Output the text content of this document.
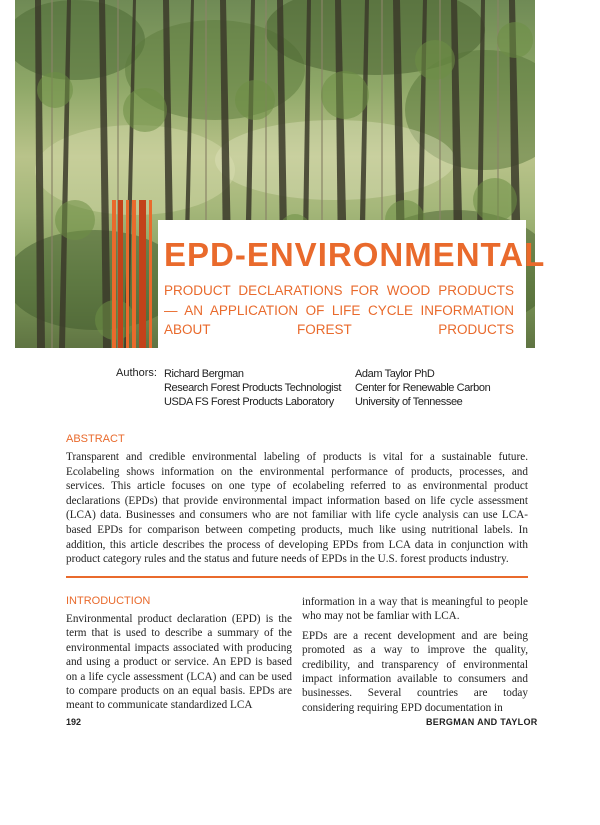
EPD-ENVIRONMENTAL
PRODUCT DECLARATIONS FOR WOOD PRODUCTS — AN APPLICATION OF LIFE CYCLE INFORMATION ABOUT FOREST PRODUCTS
Authors: Richard Bergman
Research Forest Products Technologist
USDA FS Forest Products Laboratory
Adam Taylor PhD
Center for Renewable Carbon
University of Tennessee
ABSTRACT
Transparent and credible environmental labeling of products is vital for a sustainable future. Ecolabeling shows information on the environmental performance of products, processes, and services. This article focuses on one type of ecolabeling referred to as environmental product declarations (EPDs) that provide environmental impact information based on life cycle assessment (LCA) data. Businesses and consumers who are not familiar with life cycle analysis can use LCA-based EPDs for comparison between competing products, much like using nutritional labels. In addition, this article describes the process of developing EPDs from LCA data in conjunction with product category rules and the status and future needs of EPDs in the U.S. forest products industry.
INTRODUCTION

Environmental product declaration (EPD) is the term that is used to describe a summary of the environmental impacts associated with producing and using a product or service. An EPD is based on a life cycle assessment (LCA) and can be used to compare products on an equal basis. EPDs are meant to communicate standardized LCA

information in a way that is meaningful to people who may not be famliar with LCA.

EPDs are a recent development and are being promoted as a way to improve the quality, credibility, and transparency of environmental impact information available to consumers and businesses. Several countries are today considering requiring EPD documentation in

192	BERGMAN AND TAYLOR
